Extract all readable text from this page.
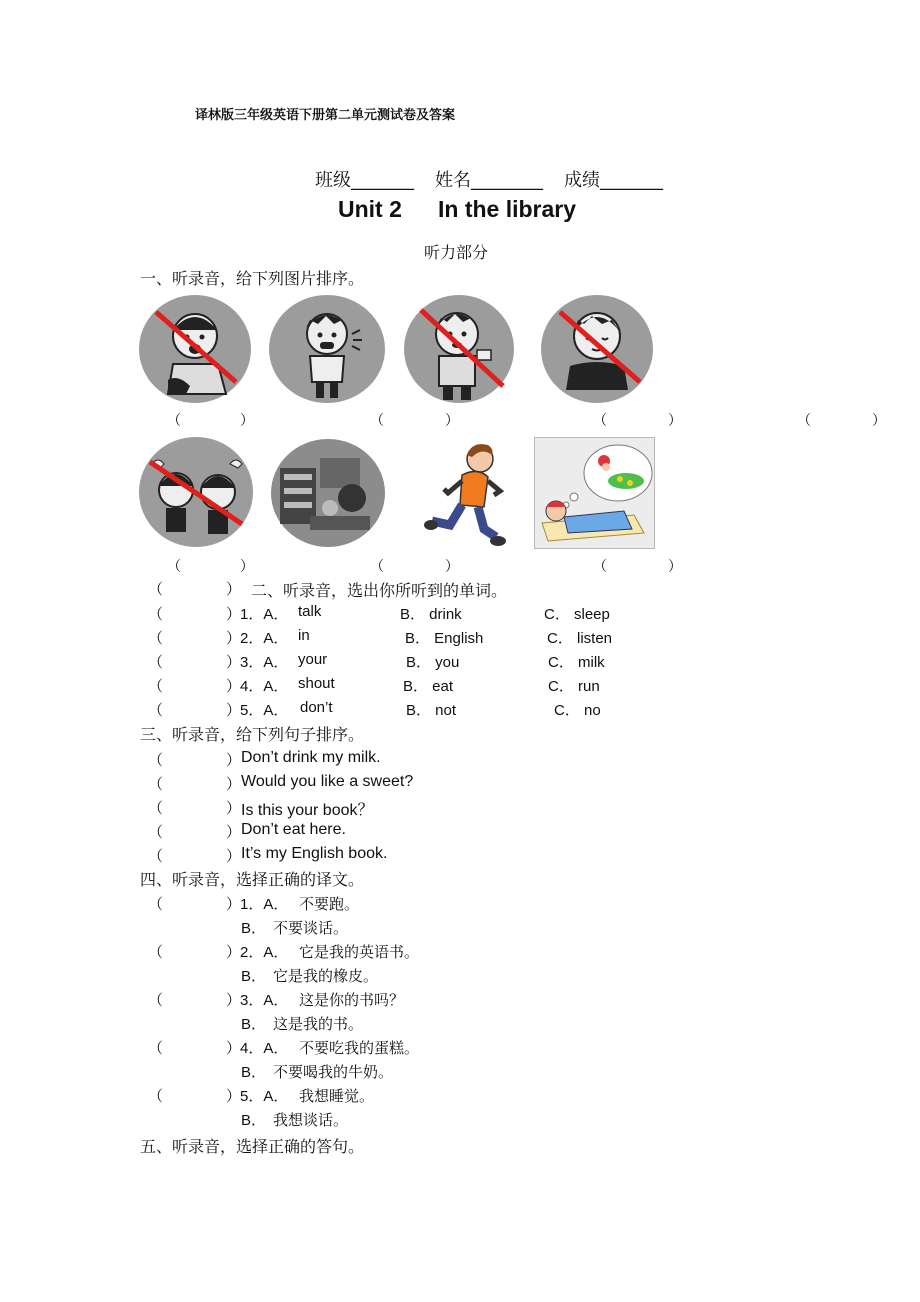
译林版三年级英语下册第二单元测试卷及答案
班级_______ 姓名________ 成绩_______
Unit 2 In the library
听力部分
一、听录音，给下列图片排序。
（	）	（	）	（	）	（	）
（	）	（	）	（	）
（	） 二、听录音，选出你所听到的单词。
（	）
1．A． talk	B． drink	C． sleep
（	）
2．A． in	B． English	C． listen
（	）
3．A． your	B． you	C． milk
（	）
4．A． shout	B． eat	C． run
（	）
5．A． don’t	B． not	C． no
三、听录音，给下列句子排序。
（	） Don’t drink my milk.
（	） Would you like a sweet?
（	） Is this your book？
（	） Don’t eat here.
（	） It’s my English book.
四、听录音，选择正确的译文。
（	）
1．A． 不要跑。
B． 不要谈话。
（	）
2．A． 它是我的英语书。
B． 它是我的橡皮。
（	）
3．A． 这是你的书吗？
B． 这是我的书。
（	）
4．A． 不要吃我的蛋糕。
B． 不要喝我的牛奶。
（	）
5．A． 我想睡觉。
B． 我想谈话。
五、听录音，选择正确的答句。
